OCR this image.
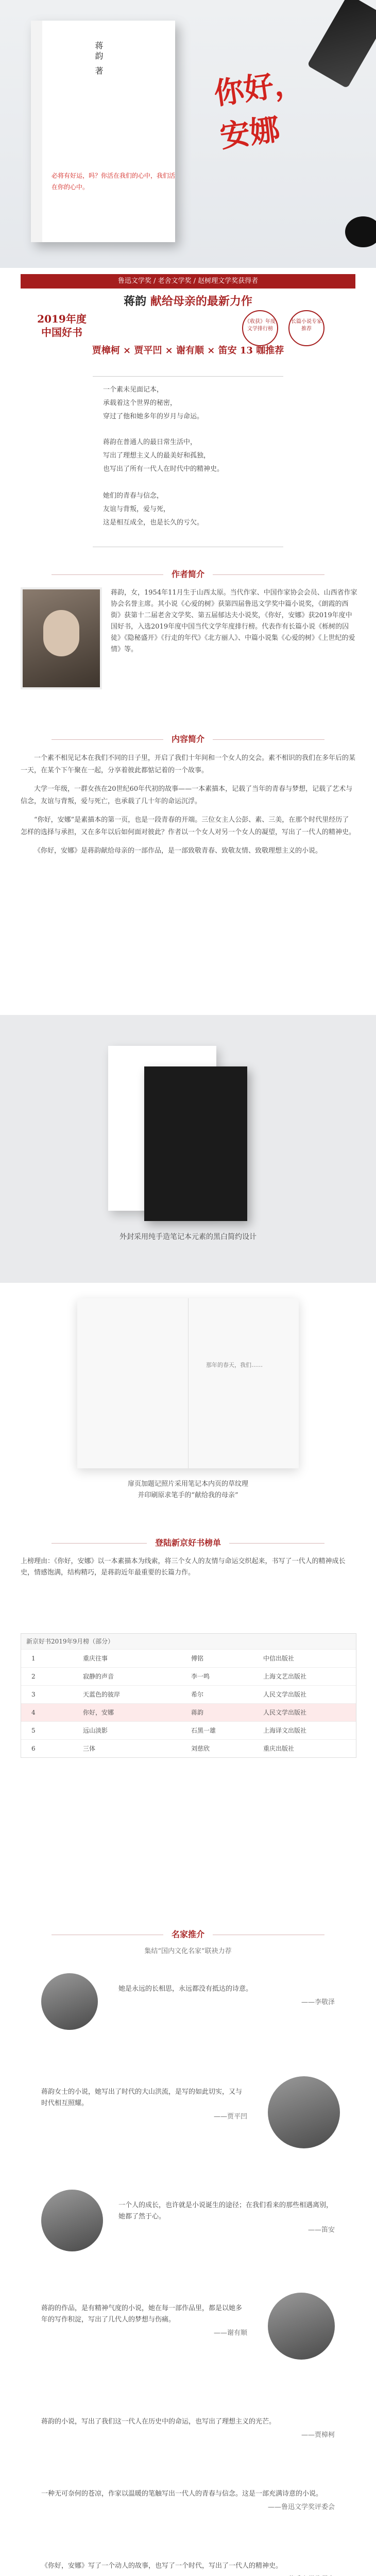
蒋韵 著
必将有好运，吗？你活在我们的心中，我们活在你的心中。
你好，安娜
鲁迅文学奖 / 老舍文学奖 / 赵树理文学奖获得者
蒋韵 献给母亲的最新力作
2019年度
中国好书
《收获》年度文学排行榜
长篇小说专家推荐
贾樟柯 × 贾平凹 × 谢有顺 × 笛安 13 咖推荐

一个素未见面记本，

承载着这个世界的秘密，

穿过了他和她多年的岁月与命运。

蒋韵在普通人的最日常生活中，

写出了理想主义人的最美好和孤独，

也写出了所有一代人在时代中的精神史。

她们的青春与信念，

友谊与背叛，爱与死，

这是相互成全，也是长久的亏欠。

作者简介
蒋韵，女，1954年11月生于山西太原。当代作家、中国作家协会会员、山西省作家协会名誉主席。其小说《心爱的树》获第四届鲁迅文学奖中篇小说奖，《朗霞的西街》获第十二届老舍文学奖、第五届郁达夫小说奖，《你好，安娜》获2019年度中国好书，入选2019年度中国当代文学年度排行榜。代表作有长篇小说《栎树的囚徒》《隐秘盛开》《行走的年代》《北方丽人》、中篇小说集《心爱的树》《上世纪的爱情》等。
内容简介

一个素不相见记本在我们不同的日子里，开启了我们十年间和一个女人的交会。素不相识的我们在多年后的某一天，在某个下午聚在一起，分享着彼此都惦记着的一个故事。

大学一年级，一群女孩在20世纪60年代初的故事——一本素描本，记载了当年的青春与梦想，记载了艺术与信念，友谊与背叛，爱与死亡，也承载了几十年的命运沉浮。

“你好，安娜”是素描本的第一页，也是一段青春的开端。三位女主人公彭、素、三美，在那个时代里经历了怎样的选择与承担，又在多年以后如何面对彼此？作者以一个女人对另一个女人的凝望，写出了一代人的精神史。

《你好，安娜》是蒋韵献给母亲的一部作品，是一部致敬青春、致敬友情、致敬理想主义的小说。

外封采用纯手造笔记本元素的黑白简约设计
那年的春天，我们……
扉页加题记照片采用笔记本内页的草纹理
并印刷原求笔手的“献给我的母亲”
登陆新京好书榜单
上榜理由：《你好，安娜》以一本素描本为线索，将三个女人的友情与命运交织起来，书写了一代人的精神成长史，情感饱满，结构精巧，是蒋韵近年最重要的长篇力作。
新京好书2019年9月榜（部分）
1	重庆往事	傅铭	中信出版社
2	寂静的声音	李一鸣	上海文艺出版社
3	天蓝色的彼岸	希尔	人民文学出版社
4	你好，安娜	蒋韵	人民文学出版社
5	远山淡影	石黑一雄	上海译文出版社
6	三体	刘慈欣	重庆出版社
名家推介
集结“国内文化名家”联袂力荐
她是永远的长相思，永远都没有抵达的诗意。
——李敬泽
蒋韵女士的小说，她写出了时代的大山洪流，是写的如此切实，又与时代相互照耀。
——贾平凹
一个人的成长，也许就是小说诞生的途径；在我们看来的那些相遇离别，她都了然于心。
——笛安
蒋韵的作品，是有精神气度的小说，她在每一部作品里，都是以她多年的写作积淀，写出了几代人的梦想与伤痛。
——谢有顺
蒋韵的小说，写出了我们这一代人在历史中的命运，也写出了理想主义的光芒。
——贾樟柯
一种无可奈何的苍凉，作家以温暖的笔触写出一代人的青春与信念。这是一部充满诗意的小说。
——鲁迅文学奖评委会
《你好，安娜》写了一个动人的故事，也写了一个时代，写出了一代人的精神史。
